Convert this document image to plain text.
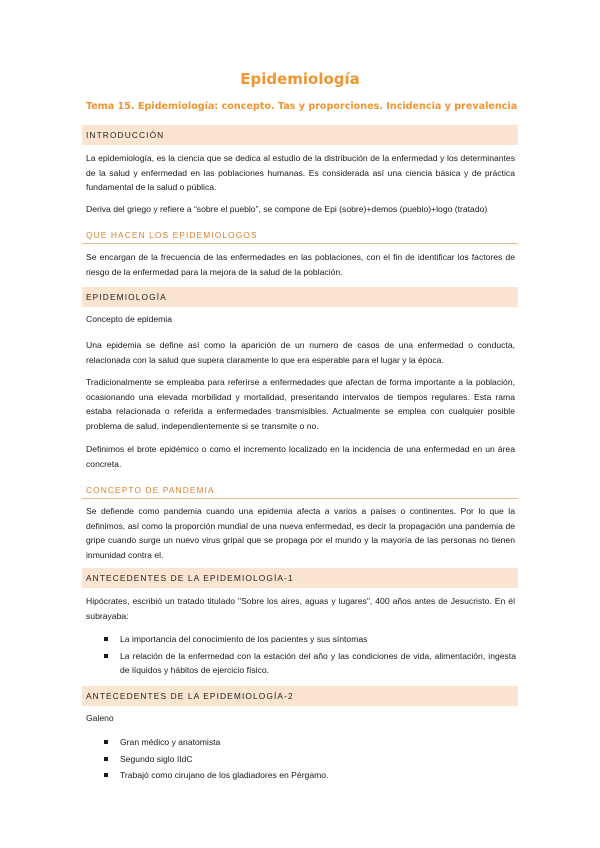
Epidemiología
Tema 15. Epidemiología: concepto. Tas y proporciones. Incidencia y prevalencia
INTRODUCCIÓN

La epidemiología, es la ciencia que se dedica al estudio de la distribución de la enfermedad y los determinantes de la salud y enfermedad en las poblaciones humanas. Es considerada así una ciencia básica y de práctica fundamental de la salud o pública.

Deriva del griego y refiere a “sobre el pueblo”, se compone de Epi (sobre)+demos (pueblo)+logo (tratado)

QUE HACEN LOS EPIDEMIOLOGOS

Se encargan de la frecuencia de las enfermedades en las poblaciones, con el fin de identificar los factores de riesgo de la enfermedad para la mejora de la salud de la población.

EPIDEMIOLOGÍA

Concepto de epidemia

Una epidemia se define así como la aparición de un numero de casos de una enfermedad o conducta, relacionada con la salud que supera claramente lo que era esperable para el lugar y la época.

Tradicionalmente se empleaba para referirse a enfermedades que afectan de forma importante a la población, ocasionando una elevada morbilidad y mortalidad, presentando intervalos de tiempos regulares. Esta rama estaba relacionada o referida a enfermedades transmisibles. Actualmente se emplea con cualquier posible problema de salud, independientemente si se transmite o no.

Definimos el brote epidémico o como el incremento localizado en la incidencia de una enfermedad en un área concreta.

CONCEPTO DE PANDEMIA

Se defiende como pandemia cuando una epidemia afecta a varios a países o continentes. Por lo que la definimos, así como la proporción mundial de una nueva enfermedad, es decir la propagación una pandemia de gripe cuando surge un nuevo virus gripal que se propaga por el mundo y la mayoría de las personas no tienen inmunidad contra el.

ANTECEDENTES DE LA EPIDEMIOLOGÍA-1

Hipócrates, escribió un tratado titulado "Sobre los aires, aguas y lugares", 400 años antes de Jesucristo. En él subrayaba:

La importancia del conocimiento de los pacientes y sus síntomas
La relación de la enfermedad con la estación del año y las condiciones de vida, alimentación, ingesta de líquidos y hábitos de ejercicio físico.
ANTECEDENTES DE LA EPIDEMIOLOGÍA-2

Galeno

Gran médico y anatomista
Segundo siglo IIdC
Trabajó como cirujano de los gladiadores en Pérgamo.
